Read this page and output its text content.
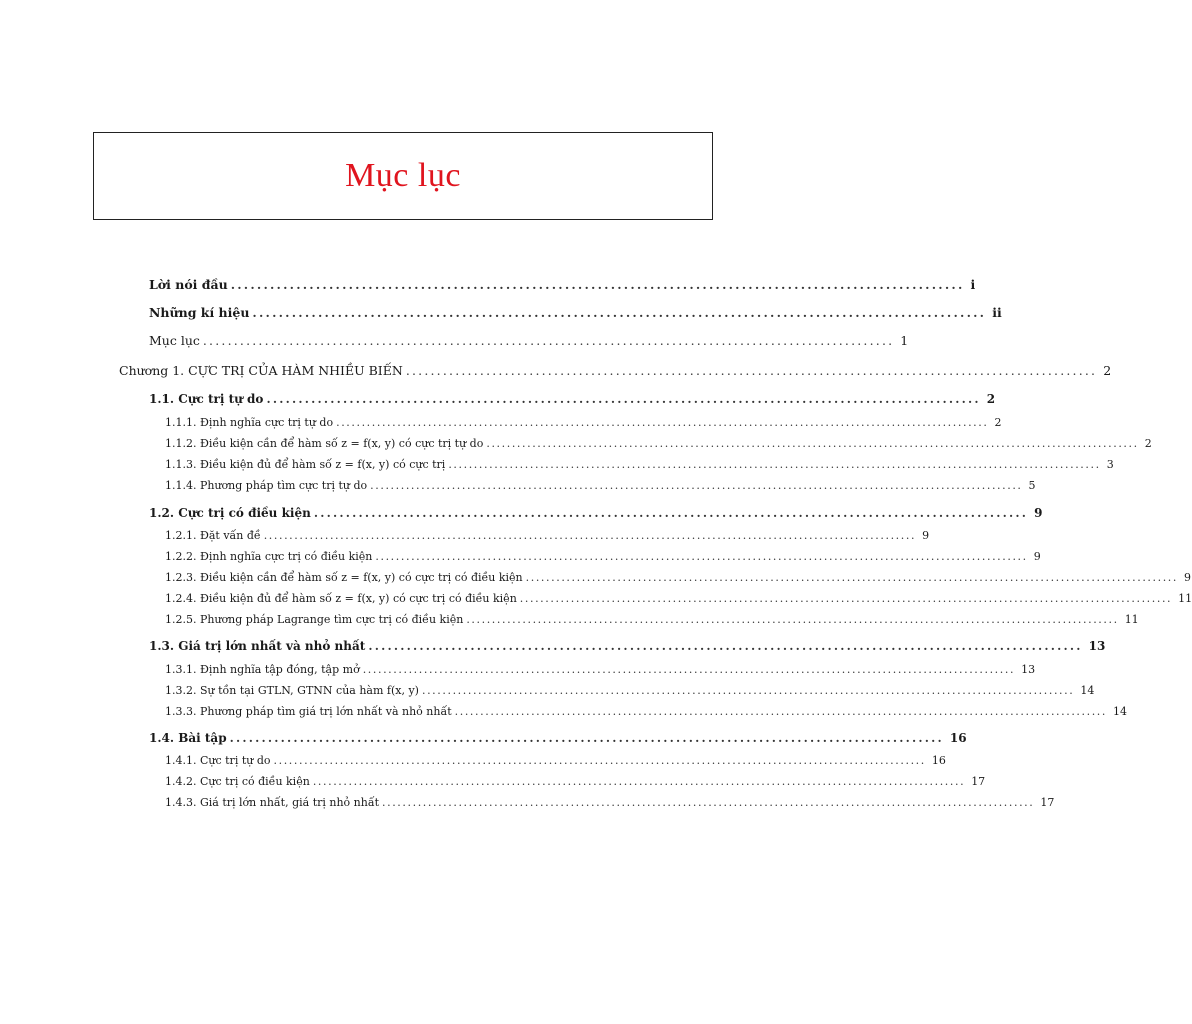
Mục lục
Lời nói đầu ................................................................................................................ i
Những kí hiệu ................................................................................................................ ii
Mục lục ................................................................................................................ 1
Chương 1. CỰC TRỊ CỦA HÀM NHIỀU BIẾN ................................................................................................................ 2
1.1. Cực trị tự do ................................................................................................................ 2
1.1.1. Định nghĩa cực trị tự do ................................................................................................................................ 2
1.1.2. Điều kiện cần để hàm số z = f(x, y) có cực trị tự do ................................................................................................................................ 2
1.1.3. Điều kiện đủ để hàm số z = f(x, y) có cực trị ................................................................................................................................ 3
1.1.4. Phương pháp tìm cực trị tự do ................................................................................................................................ 5
1.2. Cực trị có điều kiện ................................................................................................................ 9
1.2.1. Đặt vấn đề ................................................................................................................................ 9
1.2.2. Định nghĩa cực trị có điều kiện ................................................................................................................................ 9
1.2.3. Điều kiện cần để hàm số z = f(x, y) có cực trị có điều kiện ................................................................................................................................ 9
1.2.4. Điều kiện đủ để hàm số z = f(x, y) có cực trị có điều kiện ................................................................................................................................ 11
1.2.5. Phương pháp Lagrange tìm cực trị có điều kiện ................................................................................................................................ 11
1.3. Giá trị lớn nhất và nhỏ nhất ................................................................................................................ 13
1.3.1. Định nghĩa tập đóng, tập mở ................................................................................................................................ 13
1.3.2. Sự tồn tại GTLN, GTNN của hàm f(x, y) ................................................................................................................................ 14
1.3.3. Phương pháp tìm giá trị lớn nhất và nhỏ nhất ................................................................................................................................ 14
1.4. Bài tập ................................................................................................................ 16
1.4.1. Cực trị tự do ................................................................................................................................ 16
1.4.2. Cực trị có điều kiện ................................................................................................................................ 17
1.4.3. Giá trị lớn nhất, giá trị nhỏ nhất ................................................................................................................................ 17
